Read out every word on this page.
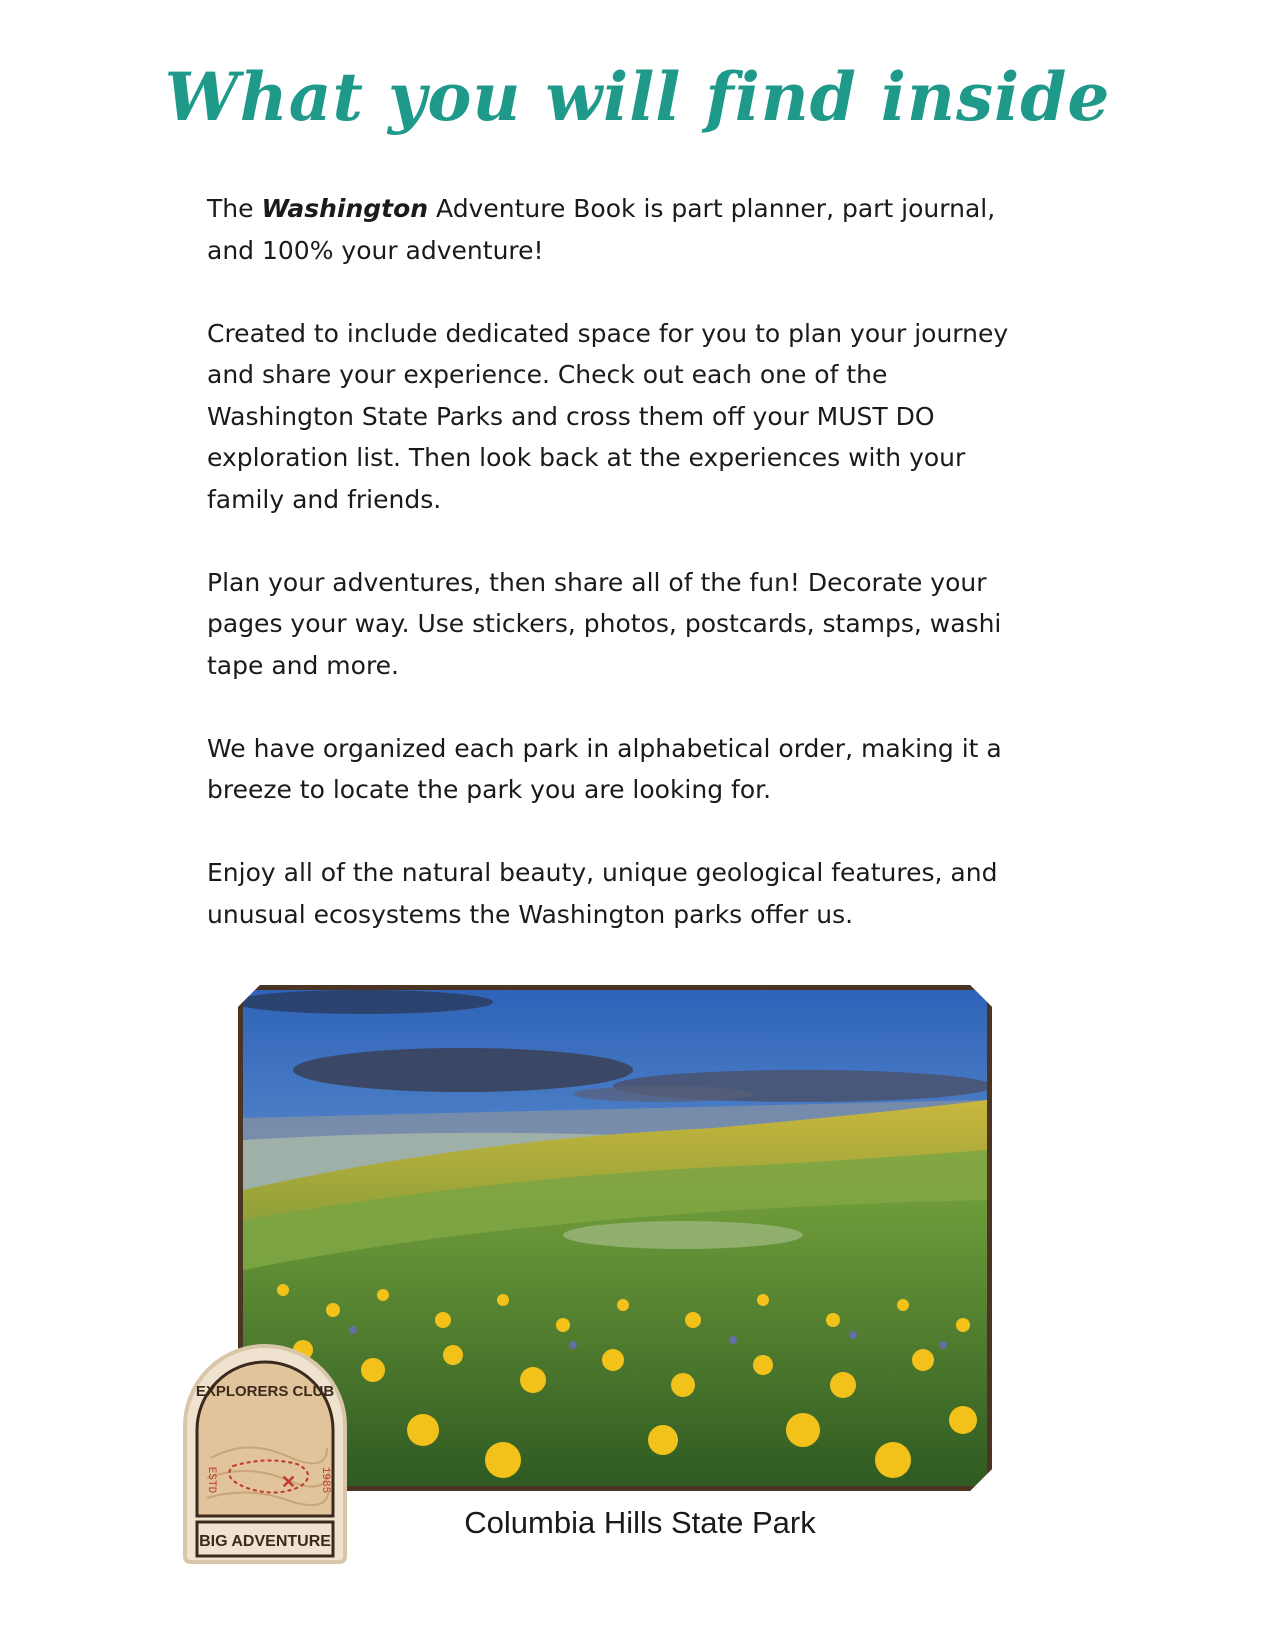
What you will find inside

The Washington Adventure Book is part planner, part journal, and 100% your adventure!

Created to include dedicated space for you to plan your journey and share your experience. Check out each one of the Washington State Parks and cross them off your MUST DO exploration list. Then look back at the experiences with your family and friends.

Plan your adventures, then share all of the fun! Decorate your pages your way. Use stickers, photos, postcards, stamps, washi tape and more.

We have organized each park in alphabetical order, making it a breeze to locate the park you are looking for.

Enjoy all of the natural beauty, unique geological features, and unusual ecosystems the Washington parks offer us.

Columbia Hills State Park
✕
EXPLORERS CLUB
ESTD	1985
BIG ADVENTURE
